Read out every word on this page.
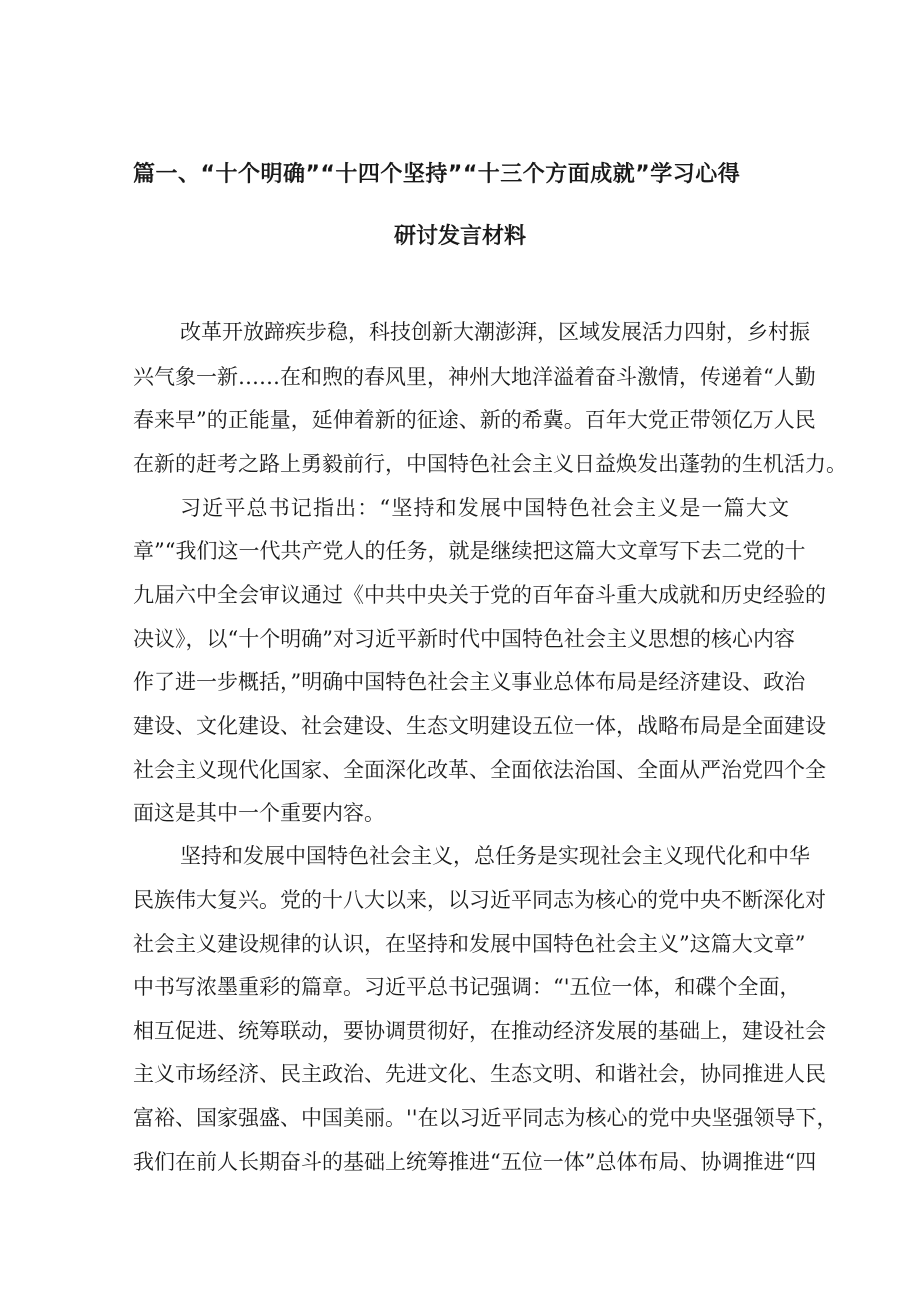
篇一、“十个明确”“十四个坚持”“十三个方面成就”学习心得
研讨发言材料
改革开放蹄疾步稳，科技创新大潮澎湃，区域发展活力四射，乡村振
兴气象一新……在和煦的春风里，神州大地洋溢着奋斗激情，传递着“人勤
春来早”的正能量，延伸着新的征途、新的希冀。百年大党正带领亿万人民
在新的赶考之路上勇毅前行，中国特色社会主义日益焕发出蓬勃的生机活力。
习近平总书记指出：“坚持和发展中国特色社会主义是一篇大文
章”“我们这一代共产党人的任务，就是继续把这篇大文章写下去二党的十
九届六中全会审议通过《中共中央关于党的百年奋斗重大成就和历史经验的
决议》，以“十个明确”对习近平新时代中国特色社会主义思想的核心内容
作了进一步概括，”明确中国特色社会主义事业总体布局是经济建设、政治
建设、文化建设、社会建设、生态文明建设五位一体，战略布局是全面建设
社会主义现代化国家、全面深化改革、全面依法治国、全面从严治党四个全
面这是其中一个重要内容。
坚持和发展中国特色社会主义，总任务是实现社会主义现代化和中华
民族伟大复兴。党的十八大以来，以习近平同志为核心的党中央不断深化对
社会主义建设规律的认识，在坚持和发展中国特色社会主义”这篇大文章”
中书写浓墨重彩的篇章。习近平总书记强调：“'五位一体，和碟个全面，
相互促进、统筹联动，要协调贯彻好，在推动经济发展的基础上，建设社会
主义市场经济、民主政治、先进文化、生态文明、和谐社会，协同推进人民
富裕、国家强盛、中国美丽。''在以习近平同志为核心的党中央坚强领导下，
我们在前人长期奋斗的基础上统筹推进“五位一体”总体布局、协调推进“四
